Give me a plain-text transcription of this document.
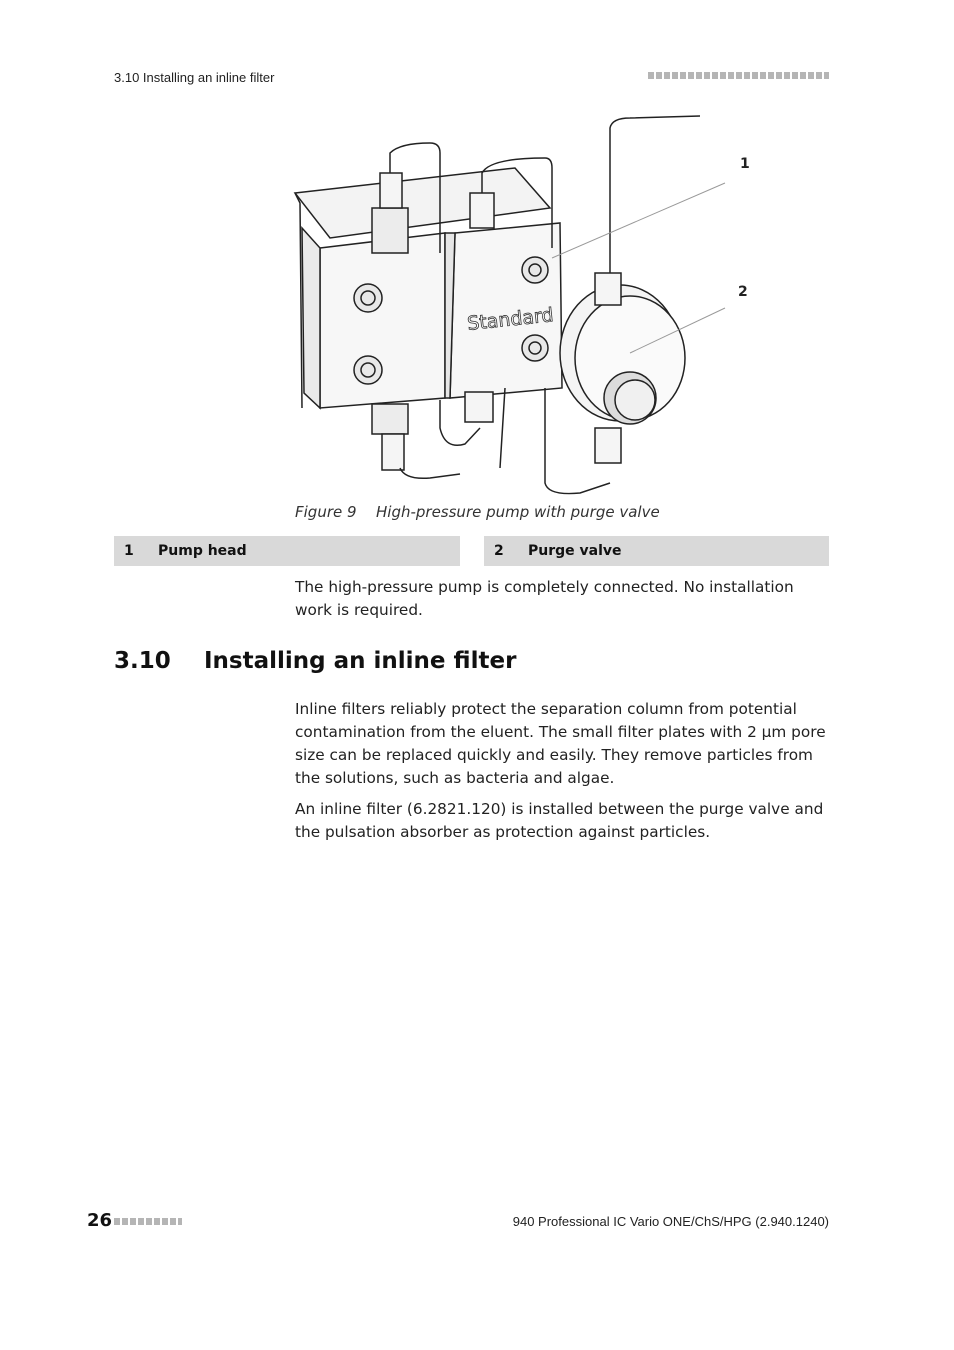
3.10 Installing an inline filter
Standard
1
2
Figure 9 High-pressure pump with purge valve
1 Pump head	2 Purge valve

The high-pressure pump is completely connected. No installation work is required.

3.10 Installing an inline filter

Inline filters reliably protect the separation column from potential contamination from the eluent. The small filter plates with 2 µm pore size can be replaced quickly and easily. They remove particles from the solutions, such as bacteria and algae.

An inline filter (6.2821.120) is installed between the purge valve and the pulsation absorber as protection against particles.

26	940 Professional IC Vario ONE/ChS/HPG (2.940.1240)
